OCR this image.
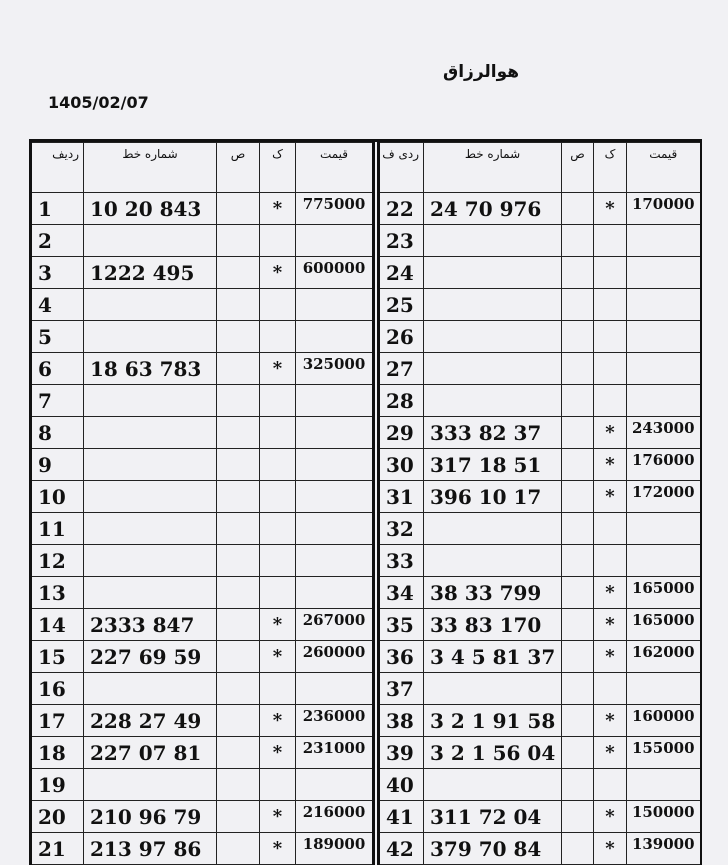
هوالرزاق
1405/02/07
رديف	شماره خط	ص	ک	قيمت
1	10 20 843		*	775000
2				
3	1222 495		*	600000
4				
5				
6	18 63 783		*	325000
7				
8				
9				
10				
11				
12				
13				
14	2333 847		*	267000
15	227 69 59		*	260000
16				
17	228 27 49		*	236000
18	227 07 81		*	231000
19				
20	210 96 79		*	216000
21	213 97 86		*	189000
ردی ف	شماره خط	ص	ک	قيمت
22	24 70 976		*	170000
23				
24				
25				
26				
27				
28				
29	333 82 37		*	243000
30	317 18 51		*	176000
31	396 10 17		*	172000
32				
33				
34	38 33 799		*	165000
35	33 83 170		*	165000
36	3 4 5 81 37		*	162000
37				
38	3 2 1 91 58		*	160000
39	3 2 1 56 04		*	155000
40				
41	311 72 04		*	150000
42	379 70 84		*	139000
